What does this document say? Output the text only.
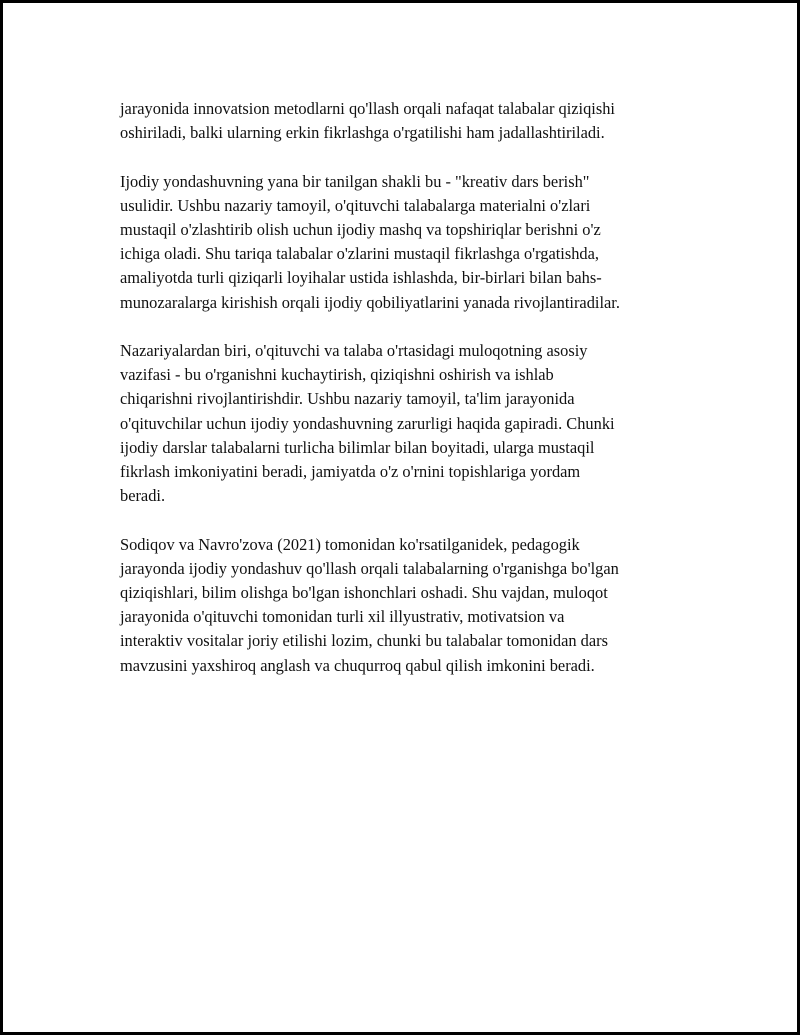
jarayonida innovatsion metodlarni qo'llash orqali nafaqat talabalar qiziqishi
oshiriladi, balki ularning erkin fikrlashga o'rgatilishi ham jadallashtiriladi.

Ijodiy yondashuvning yana bir tanilgan shakli bu - "kreativ dars berish"
usulidir. Ushbu nazariy tamoyil, o'qituvchi talabalarga materialni o'zlari
mustaqil o'zlashtirib olish uchun ijodiy mashq va topshiriqlar berishni o'z
ichiga oladi. Shu tariqa talabalar o'zlarini mustaqil fikrlashga o'rgatishda,
amaliyotda turli qiziqarli loyihalar ustida ishlashda, bir-birlari bilan bahs-
munozaralarga kirishish orqali ijodiy qobiliyatlarini yanada rivojlantiradilar.

Nazariyalardan biri, o'qituvchi va talaba o'rtasidagi muloqotning asosiy
vazifasi - bu o'rganishni kuchaytirish, qiziqishni oshirish va ishlab
chiqarishni rivojlantirishdir. Ushbu nazariy tamoyil, ta'lim jarayonida
o'qituvchilar uchun ijodiy yondashuvning zarurligi haqida gapiradi. Chunki
ijodiy darslar talabalarni turlicha bilimlar bilan boyitadi, ularga mustaqil
fikrlash imkoniyatini beradi, jamiyatda o'z o'rnini topishlariga yordam
beradi.

Sodiqov va Navro'zova (2021) tomonidan ko'rsatilganidek, pedagogik
jarayonda ijodiy yondashuv qo'llash orqali talabalarning o'rganishga bo'lgan
qiziqishlari, bilim olishga bo'lgan ishonchlari oshadi. Shu vajdan, muloqot
jarayonida o'qituvchi tomonidan turli xil illyustrativ, motivatsion va
interaktiv vositalar joriy etilishi lozim, chunki bu talabalar tomonidan dars
mavzusini yaxshiroq anglash va chuqurroq qabul qilish imkonini beradi.
